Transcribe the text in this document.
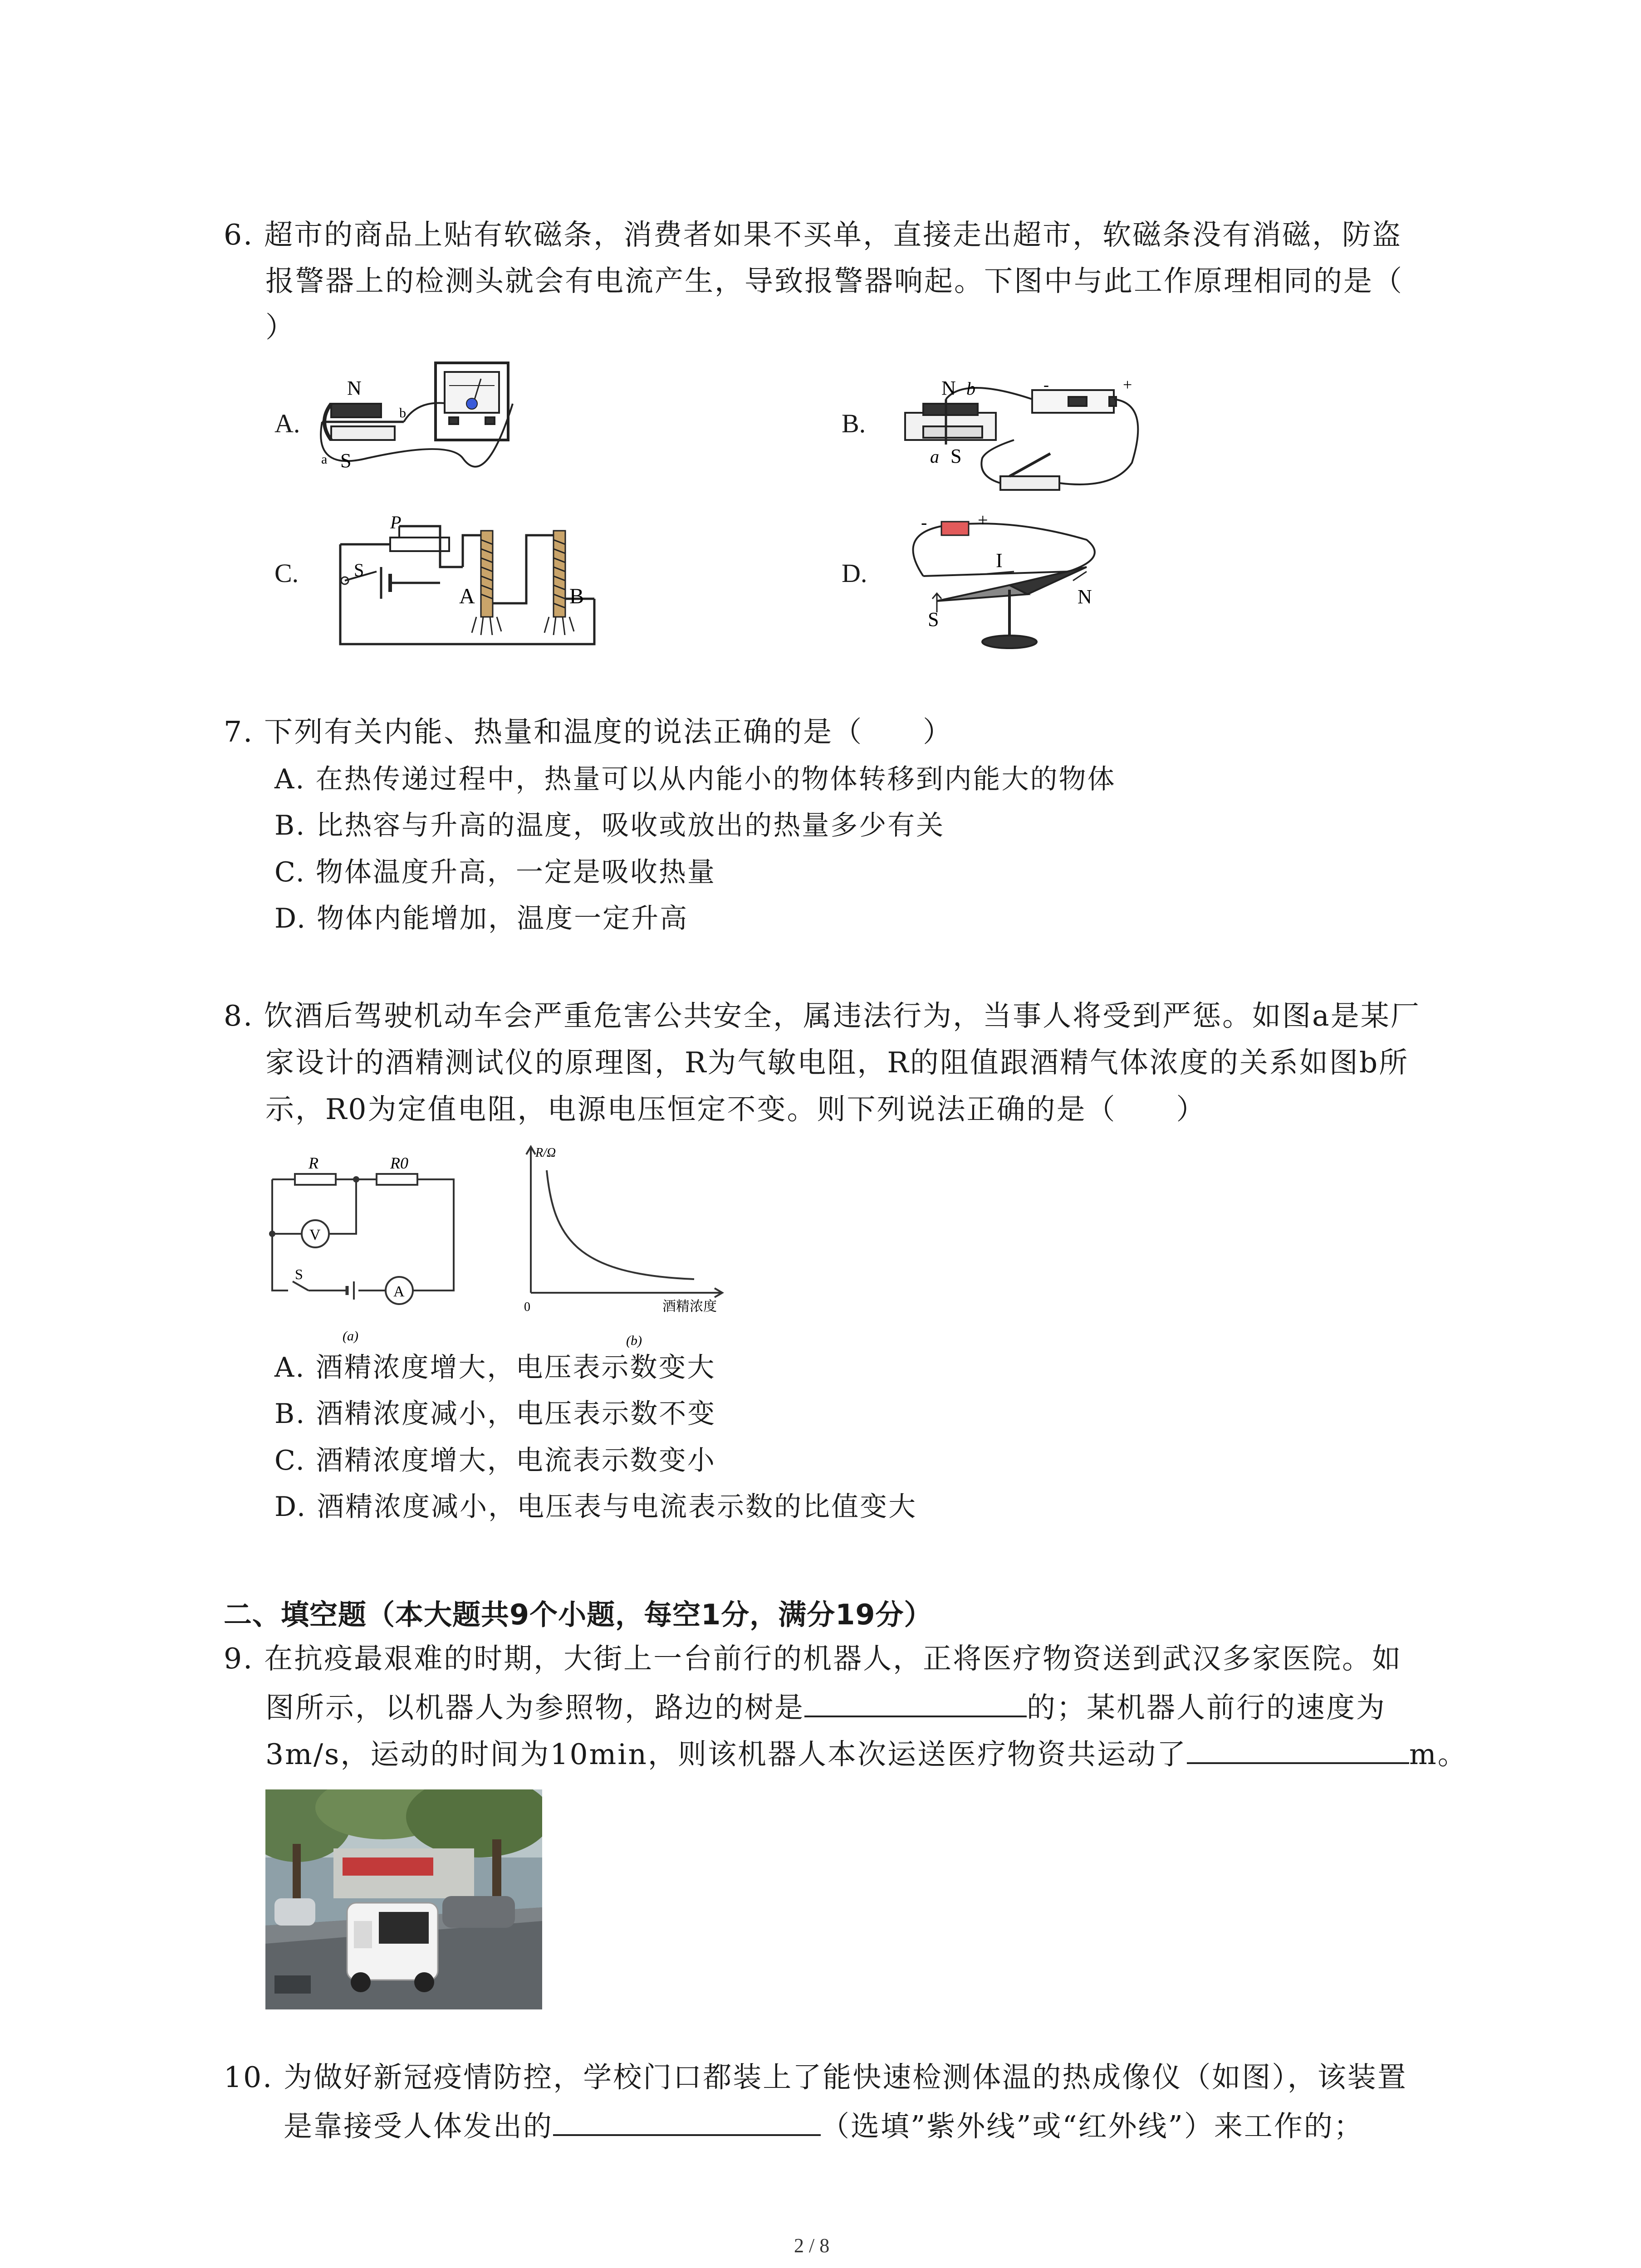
6. 超市的商品上贴有软磁条，消费者如果不买单，直接走出超市，软磁条没有消磁，防盗
报警器上的检测头就会有电流产生，导致报警器响起。下图中与此工作原理相同的是（
）
A.	B.
C.	D.
N
S
a
b
N b
a S
-	+
P
S
A	B
-	+
I
S
N
7. 下列有关内能、热量和温度的说法正确的是（　　）
A. 在热传递过程中，热量可以从内能小的物体转移到内能大的物体
B. 比热容与升高的温度，吸收或放出的热量多少有关
C. 物体温度升高，一定是吸收热量
D. 物体内能增加，温度一定升高
8. 饮酒后驾驶机动车会严重危害公共安全，属违法行为，当事人将受到严惩。如图a是某厂
家设计的酒精测试仪的原理图，R为气敏电阻，R的阻值跟酒精气体浓度的关系如图b所
示，R0为定值电阻，电源电压恒定不变。则下列说法正确的是（　　）
R	R0
V
S
A
(a)
R/Ω
0	酒精浓度
(b)
A. 酒精浓度增大，电压表示数变大
B. 酒精浓度减小，电压表示数不变
C. 酒精浓度增大，电流表示数变小
D. 酒精浓度减小，电压表与电流表示数的比值变大
二、填空题（本大题共9个小题，每空1分，满分19分）
9. 在抗疫最艰难的时期，大街上一台前行的机器人，正将医疗物资送到武汉多家医院。如
图所示，以机器人为参照物，路边的树是	的；某机器人前行的速度为
3m/s，运动的时间为10min，则该机器人本次运送医疗物资共运动了	m。
10. 为做好新冠疫情防控，学校门口都装上了能快速检测体温的热成像仪（如图），该装置
是靠接受人体发出的	（选填”紫外线”或“红外线”）来工作的；
2 / 8
